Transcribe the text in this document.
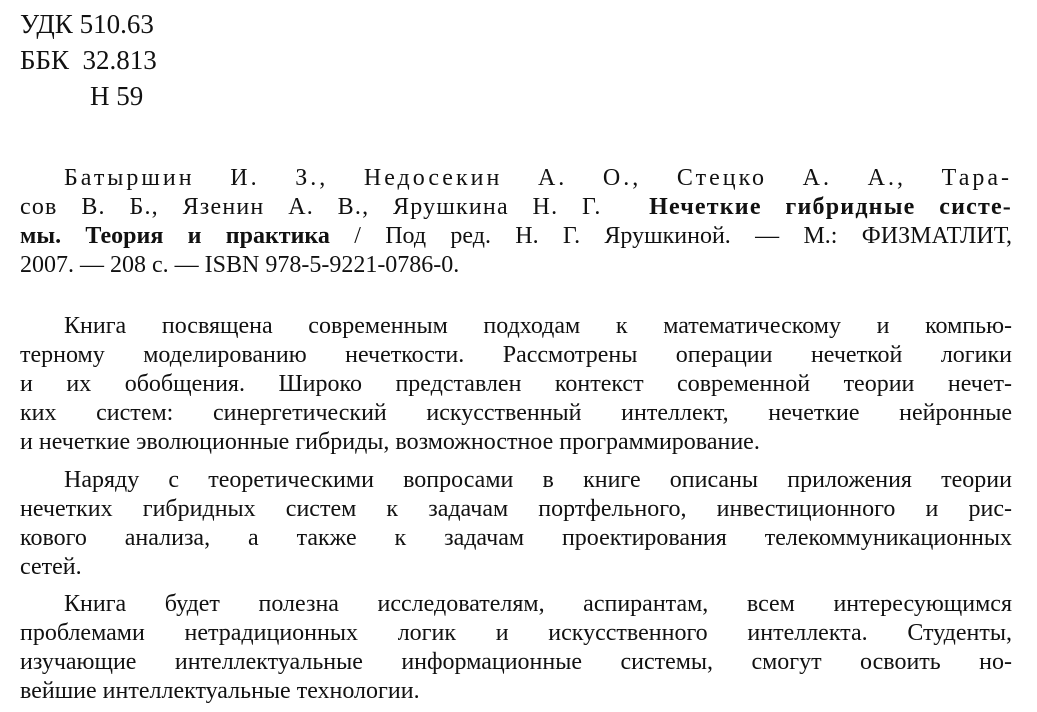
УДК 510.63
ББК  32.813
Н 59
Батыршин И. З., Недосекин А. О., Стецко А. А., Тара-
сов В. Б., Язенин А. В., Ярушкина Н. Г. Нечеткие гибридные систе-
мы. Теория и практика / Под ред. Н. Г. Ярушкиной. — М.: ФИЗМАТЛИТ,
2007. — 208 с. — ISBN 978-5-9221-0786-0.
Книга посвящена современным подходам к математическому и компью-
терному моделированию нечеткости. Рассмотрены операции нечеткой логики
и их обобщения. Широко представлен контекст современной теории нечет-
ких систем: синергетический искусственный интеллект, нечеткие нейронные
и нечеткие эволюционные гибриды, возможностное программирование.
Наряду с теоретическими вопросами в книге описаны приложения теории
нечетких гибридных систем к задачам портфельного, инвестиционного и рис-
кового анализа, а также к задачам проектирования телекоммуникационных
сетей.
Книга будет полезна исследователям, аспирантам, всем интересующимся
проблемами нетрадиционных логик и искусственного интеллекта. Студенты,
изучающие интеллектуальные информационные системы, смогут освоить но-
вейшие интеллектуальные технологии.
